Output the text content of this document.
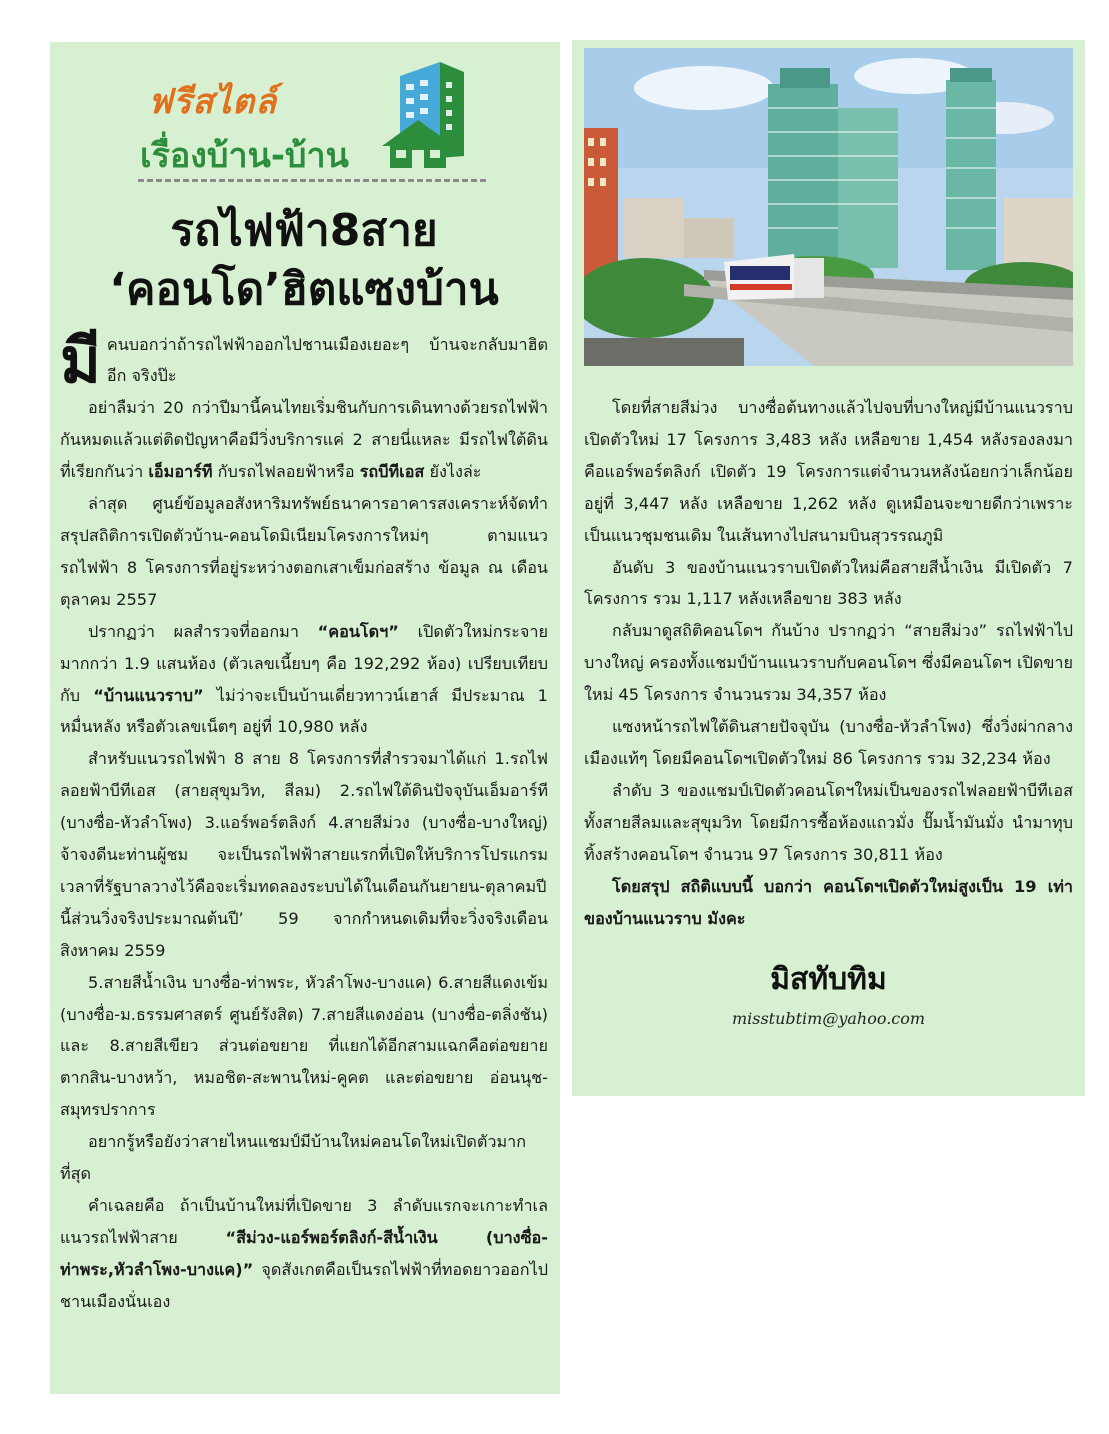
ฟรีสไตล์
เรื่องบ้าน-บ้าน
รถไฟฟ้า8สาย
‘คอนโด’ฮิตแซงบ้าน

มีคนบอกว่าถ้ารถไฟฟ้าออกไปชานเมืองเยอะๆ บ้านจะกลับมาฮิตอีก จริงป๊ะ

อย่าลืมว่า 20 กว่าปีมานี้คนไทยเริ่มชินกับการเดินทางด้วยรถไฟฟ้ากันหมดแล้วแต่ติดปัญหาคือมีวิ่งบริการแค่ 2 สายนี่แหละ มีรถไฟใต้ดินที่เรียกกันว่า เอ็มอาร์ที กับรถไฟลอยฟ้าหรือ รถบีทีเอส ยังไงล่ะ

ล่าสุด ศูนย์ข้อมูลอสังหาริมทรัพย์ธนาคารอาคารสงเคราะห์จัดทำสรุปสถิติการเปิดตัวบ้าน-คอนโดมิเนียมโครงการใหม่ๆ ตามแนวรถไฟฟ้า 8 โครงการที่อยู่ระหว่างตอกเสาเข็มก่อสร้าง ข้อมูล ณ เดือนตุลาคม 2557

ปรากฏว่า ผลสำรวจที่ออกมา “คอนโดฯ” เปิดตัวใหม่กระจายมากกว่า 1.9 แสนห้อง (ตัวเลขเนี้ยบๆ คือ 192,292 ห้อง) เปรียบเทียบกับ “บ้านแนวราบ” ไม่ว่าจะเป็นบ้านเดี่ยวทาวน์เฮาส์ มีประมาณ 1 หมื่นหลัง หรือตัวเลขเน็ตๆ อยู่ที่ 10,980 หลัง

สำหรับแนวรถไฟฟ้า 8 สาย 8 โครงการที่สำรวจมาได้แก่ 1.รถไฟลอยฟ้าบีทีเอส (สายสุขุมวิท, สีลม) 2.รถไฟใต้ดินปัจจุบันเอ็มอาร์ที (บางซื่อ-หัวลำโพง) 3.แอร์พอร์ตลิงก์ 4.สายสีม่วง (บางซื่อ-บางใหญ่) จ้าจงดีนะท่านผู้ชม จะเป็นรถไฟฟ้าสายแรกที่เปิดให้บริการโปรแกรมเวลาที่รัฐบาลวางไว้คือจะเริ่มทดลองระบบได้ในเดือนกันยายน-ตุลาคมปีนี้ส่วนวิ่งจริงประมาณต้นปี’ 59 จากกำหนดเดิมที่จะวิ่งจริงเดือนสิงหาคม 2559

5.สายสีน้ำเงิน บางซื่อ-ท่าพระ, หัวลำโพง-บางแค) 6.สายสีแดงเข้ม (บางซื่อ-ม.ธรรมศาสตร์ ศูนย์รังสิต) 7.สายสีแดงอ่อน (บางซื่อ-ตลิ่งชัน) และ 8.สายสีเขียว ส่วนต่อขยาย ที่แยกได้อีกสามแฉกคือต่อขยายตากสิน-บางหว้า, หมอชิต-สะพานใหม่-คูคต และต่อขยาย อ่อนนุช-สมุทรปราการ

อยากรู้หรือยังว่าสายไหนแชมป์มีบ้านใหม่คอนโดใหม่เปิดตัวมากที่สุด

คำเฉลยคือ ถ้าเป็นบ้านใหม่ที่เปิดขาย 3 ลำดับแรกจะเกาะทำเลแนวรถไฟฟ้าสาย “สีม่วง-แอร์พอร์ตลิงก์-สีน้ำเงิน (บางซื่อ-ท่าพระ,หัวลำโพง-บางแค)” จุดสังเกตคือเป็นรถไฟฟ้าที่ทอดยาวออกไปชานเมืองนั่นเอง

โดยที่สายสีม่วง บางซื่อต้นทางแล้วไปจบที่บางใหญ่มีบ้านแนวราบเปิดตัวใหม่ 17 โครงการ 3,483 หลัง เหลือขาย 1,454 หลังรองลงมาคือแอร์พอร์ตลิงก์ เปิดตัว 19 โครงการแต่จำนวนหลังน้อยกว่าเล็กน้อย อยู่ที่ 3,447 หลัง เหลือขาย 1,262 หลัง ดูเหมือนจะขายดีกว่าเพราะเป็นแนวชุมชนเดิม ในเส้นทางไปสนามบินสุวรรณภูมิ

อันดับ 3 ของบ้านแนวราบเปิดตัวใหม่คือสายสีน้ำเงิน มีเปิดตัว 7 โครงการ รวม 1,117 หลังเหลือขาย 383 หลัง

กลับมาดูสถิติคอนโดฯ กันบ้าง ปรากฏว่า “สายสีม่วง” รถไฟฟ้าไปบางใหญ่ ครองทั้งแชมป์บ้านแนวราบกับคอนโดฯ ซึ่งมีคอนโดฯ เปิดขายใหม่ 45 โครงการ จำนวนรวม 34,357 ห้อง

แซงหน้ารถไฟใต้ดินสายปัจจุบัน (บางซื่อ-หัวลำโพง) ซึ่งวิ่งผ่ากลางเมืองแท้ๆ โดยมีคอนโดฯเปิดตัวใหม่ 86 โครงการ รวม 32,234 ห้อง

ลำดับ 3 ของแชมป์เปิดตัวคอนโดฯใหม่เป็นของรถไฟลอยฟ้าบีทีเอส ทั้งสายสีลมและสุขุมวิท โดยมีการซื้อห้องแถวมั่ง ปั๊มน้ำมันมั่ง นำมาทุบทิ้งสร้างคอนโดฯ จำนวน 97 โครงการ 30,811 ห้อง

โดยสรุป สถิติแบบนี้ บอกว่า คอนโดฯเปิดตัวใหม่สูงเป็น 19 เท่าของบ้านแนวราบ มังคะ

มิสทับทิม
misstubtim@yahoo.com
